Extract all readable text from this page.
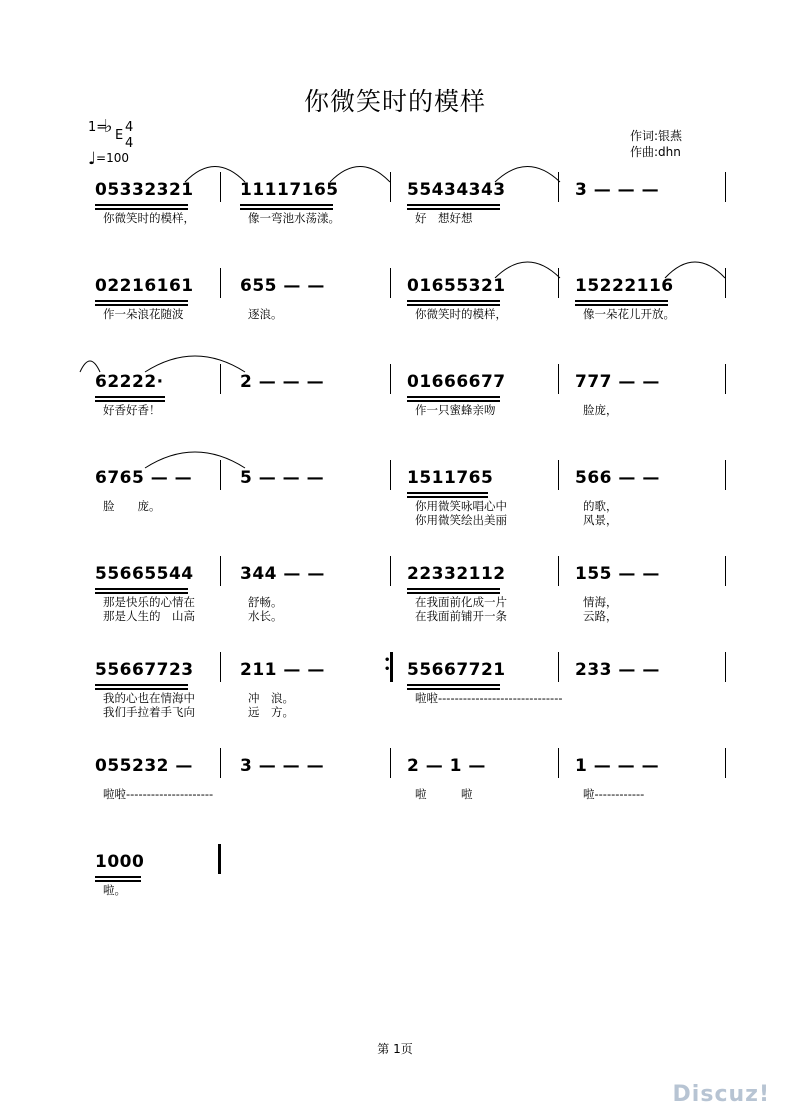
你微笑时的模样
1=
♭ E
4
4
♩=100
作词:银燕
作曲:dhn
05332321
你微笑时的模样，
11117165
像一弯池水荡漾。
55434343
好　想好想
3 — — —
02216161
作一朵浪花随波
655 — —
逐浪。
01655321
你微笑时的模样，
15222116
像一朵花儿开放。
62222·
好香好香！
2 — — —	01666677
作一只蜜蜂亲吻
777 — —
脸庞，
6765 — —
脸　　庞。
5 — — —	1511765
你用微笑咏唱心中
你用微笑绘出美丽
566 — —
的歌，
风景，
55665544
那是快乐的心情在
那是人生的　山高
344 — —
舒畅。
水长。
22332112
在我面前化成一片
在我面前铺开一条
155 — —
情海，
云路，
55667723
我的心也在情海中
我们手拉着手飞向
211 — —
冲　浪。
远　方。
55667721
啦啦------------------------------
233 — —
•
•
055232 —
啦啦---------------------
3 — — —	2 — 1 —
啦　　　啦
1 — — —
啦------------
1000
啦。
第 1页
Discuz!
